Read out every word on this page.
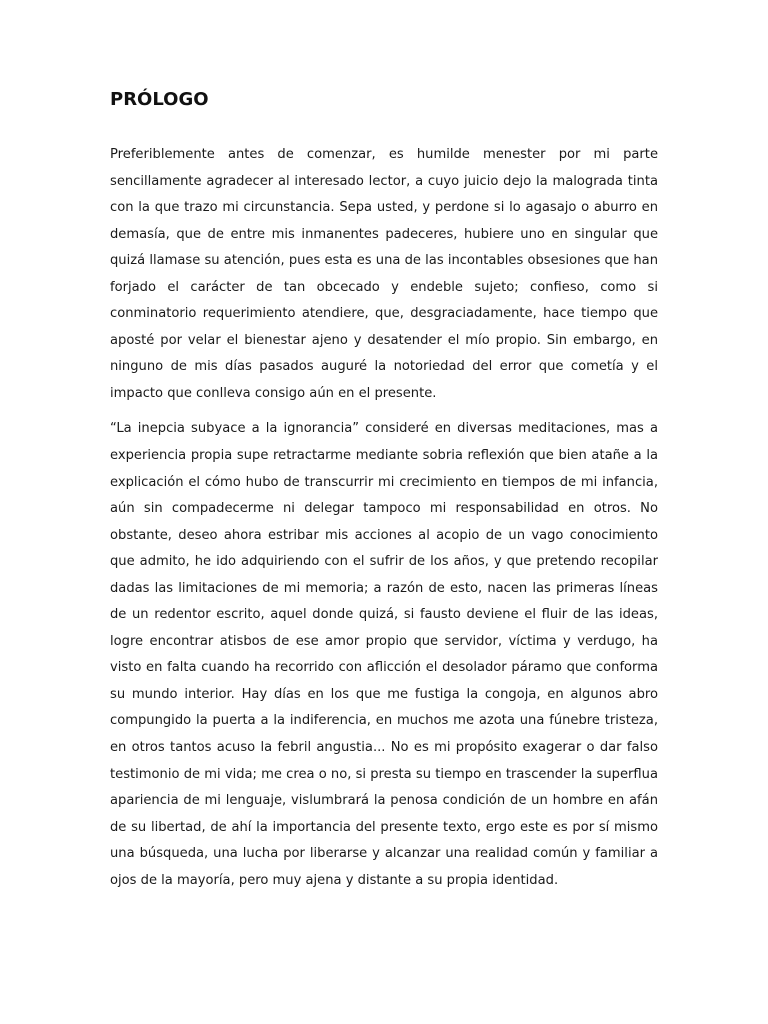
PRÓLOGO

Preferiblemente antes de comenzar, es humilde menester por mi parte sencillamente agradecer al interesado lector, a cuyo juicio dejo la malograda tinta con la que trazo mi circunstancia. Sepa usted, y perdone si lo agasajo o aburro en demasía, que de entre mis inmanentes padeceres, hubiere uno en singular que quizá llamase su atención, pues esta es una de las incontables obsesiones que han forjado el carácter de tan obcecado y endeble sujeto; confieso, como si conminatorio requerimiento atendiere, que, desgraciadamente, hace tiempo que aposté por velar el bienestar ajeno y desatender el mío propio. Sin embargo, en ninguno de mis días pasados auguré la notoriedad del error que cometía y el impacto que conlleva consigo aún en el presente.

“La inepcia subyace a la ignorancia” consideré en diversas meditaciones, mas a experiencia propia supe retractarme mediante sobria reflexión que bien atañe a la explicación el cómo hubo de transcurrir mi crecimiento en tiempos de mi infancia, aún sin compadecerme ni delegar tampoco mi responsabilidad en otros. No obstante, deseo ahora estribar mis acciones al acopio de un vago conocimiento que admito, he ido adquiriendo con el sufrir de los años, y que pretendo recopilar dadas las limitaciones de mi memoria; a razón de esto, nacen las primeras líneas de un redentor escrito, aquel donde quizá, si fausto deviene el fluir de las ideas, logre encontrar atisbos de ese amor propio que servidor, víctima y verdugo, ha visto en falta cuando ha recorrido con aflicción el desolador páramo que conforma su mundo interior. Hay días en los que me fustiga la congoja, en algunos abro compungido la puerta a la indiferencia, en muchos me azota una fúnebre tristeza, en otros tantos acuso la febril angustia... No es mi propósito exagerar o dar falso testimonio de mi vida; me crea o no, si presta su tiempo en trascender la superflua apariencia de mi lenguaje, vislumbrará la penosa condición de un hombre en afán de su libertad, de ahí la importancia del presente texto, ergo este es por sí mismo una búsqueda, una lucha por liberarse y alcanzar una realidad común y familiar a ojos de la mayoría, pero muy ajena y distante a su propia identidad.
